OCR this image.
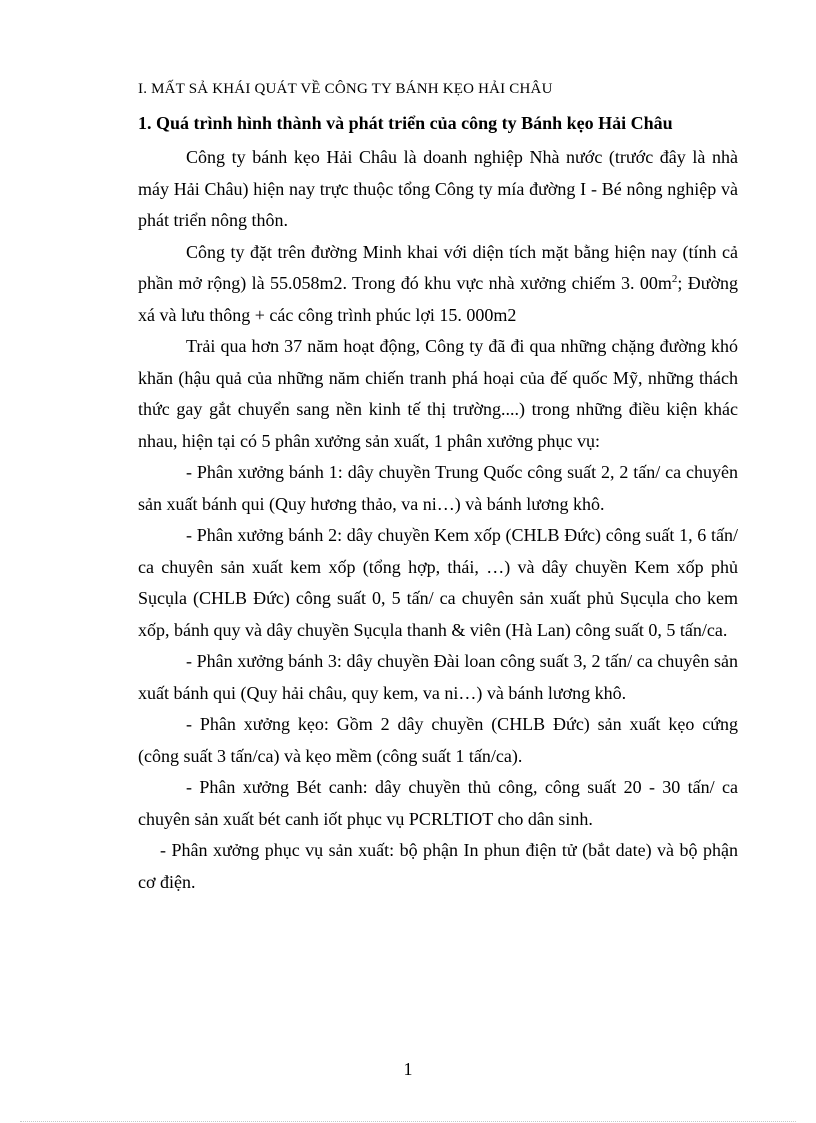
I. MẤT SẢ KHÁI QUÁT VỀ CÔNG TY BÁNH KẸO HẢI CHÂU
1. Quá trình hình thành và phát triển của công ty Bánh kẹo Hải Châu

Công ty bánh kẹo Hải Châu là doanh nghiệp Nhà nước (trước đây là nhà máy Hải Châu) hiện nay trực thuộc tổng Công ty mía đường I - Bé nông nghiệp và phát triển nông thôn.

Công ty đặt trên đường Minh khai với diện tích mặt bằng hiện nay (tính cả phần mở rộng) là 55.058m2. Trong đó khu vực nhà xưởng chiếm 3. $00m^2$; Đường xá và lưu thông + các công trình phúc lợi 15. 000m2

Trải qua hơn 37 năm hoạt động, Công ty đã đi qua những chặng đường khó khăn (hậu quả của những năm chiến tranh phá hoại của đế quốc Mỹ, những thách thức gay gắt chuyển sang nền kinh tế thị trường....) trong những điều kiện khác nhau, hiện tại có 5 phân xưởng sản xuất, 1 phân xưởng phục vụ:

- Phân xưởng bánh 1: dây chuyền Trung Quốc công suất 2, 2 tấn/ ca chuyên sản xuất bánh qui (Quy hương thảo, va ni…) và bánh lương khô.

- Phân xưởng bánh 2: dây chuyền Kem xốp (CHLB Đức) công suất 1, 6 tấn/ ca chuyên sản xuất kem xốp (tổng hợp, thái, …) và dây chuyền Kem xốp phủ Sụcụla (CHLB Đức) công suất 0, 5 tấn/ ca chuyên sản xuất phủ Sụcụla cho kem xốp, bánh quy và dây chuyền Sụcụla thanh & viên (Hà Lan) công suất 0, 5 tấn/ca.

- Phân xưởng bánh 3: dây chuyền Đài loan công suất 3, 2 tấn/ ca chuyên sản xuất bánh qui (Quy hải châu, quy kem, va ni…) và bánh lương khô.

- Phân xưởng kẹo: Gồm 2 dây chuyền (CHLB Đức) sản xuất kẹo cứng (công suất 3 tấn/ca) và kẹo mềm (công suất 1 tấn/ca).

- Phân xưởng Bét canh: dây chuyền thủ công, công suất 20 - 30 tấn/ ca chuyên sản xuất bét canh iốt phục vụ PCRLTIOT cho dân sinh.

- Phân xưởng phục vụ sản xuất: bộ phận In phun điện tử (bắt date) và bộ phận cơ điện.

1
